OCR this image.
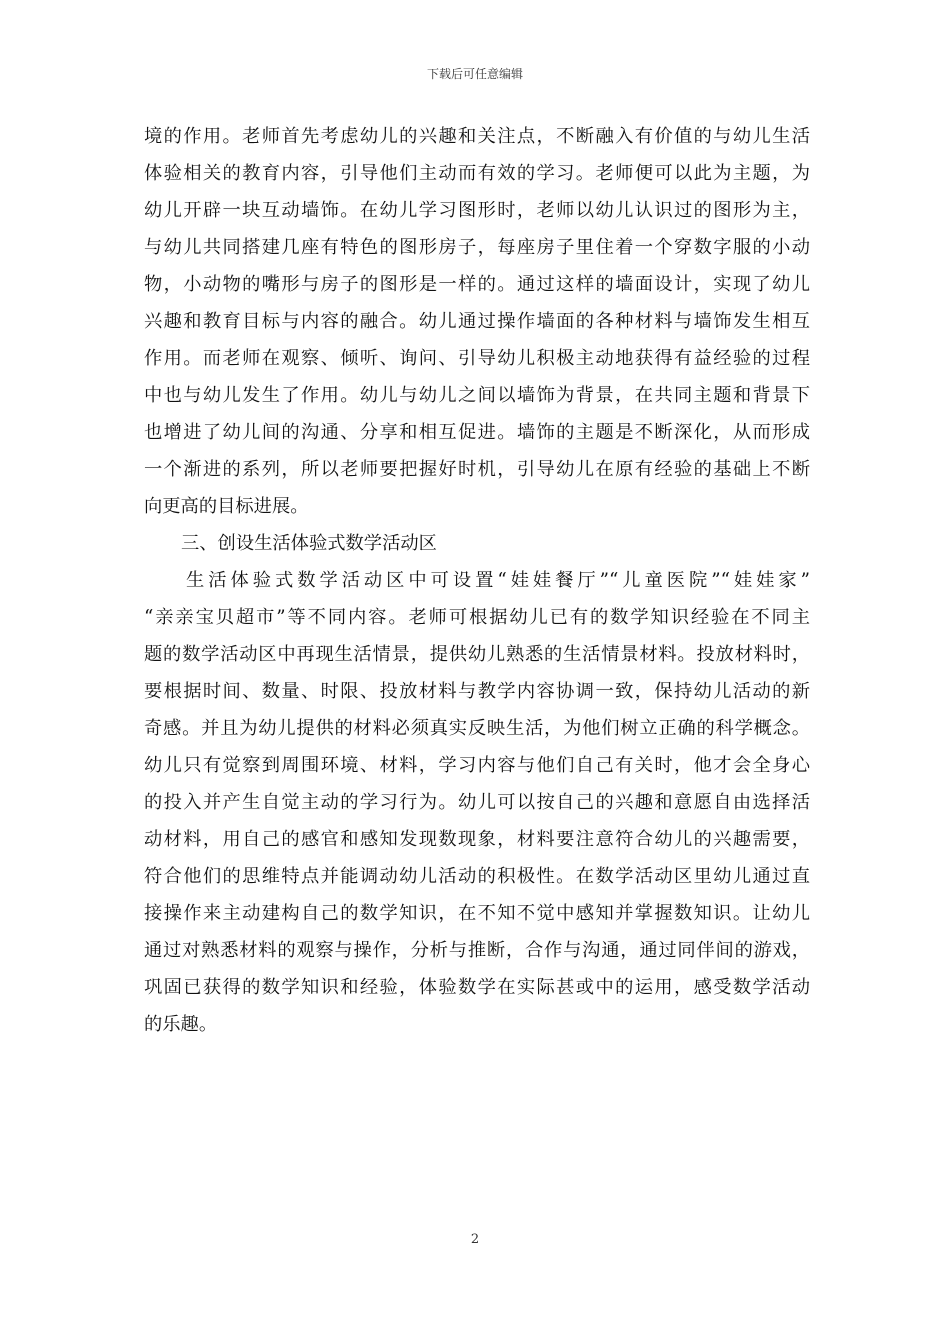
下载后可任意编辑
境的作用。老师首先考虑幼儿的兴趣和关注点，不断融入有价值的与幼儿生活
体验相关的教育内容，引导他们主动而有效的学习。老师便可以此为主题，为
幼儿开辟一块互动墙饰。在幼儿学习图形时，老师以幼儿认识过的图形为主，
与幼儿共同搭建几座有特色的图形房子，每座房子里住着一个穿数字服的小动
物，小动物的嘴形与房子的图形是一样的。通过这样的墙面设计，实现了幼儿
兴趣和教育目标与内容的融合。幼儿通过操作墙面的各种材料与墙饰发生相互
作用。而老师在观察、倾听、询问、引导幼儿积极主动地获得有益经验的过程
中也与幼儿发生了作用。幼儿与幼儿之间以墙饰为背景，在共同主题和背景下
也增进了幼儿间的沟通、分享和相互促进。墙饰的主题是不断深化，从而形成
一个渐进的系列，所以老师要把握好时机，引导幼儿在原有经验的基础上不断
向更高的目标进展。
三、创设生活体验式数学活动区
生活体验式数学活动区中可设置“娃娃餐厅”“儿童医院”“娃娃家”
“亲亲宝贝超市”等不同内容。老师可根据幼儿已有的数学知识经验在不同主
题的数学活动区中再现生活情景，提供幼儿熟悉的生活情景材料。投放材料时，
要根据时间、数量、时限、投放材料与教学内容协调一致，保持幼儿活动的新
奇感。并且为幼儿提供的材料必须真实反映生活，为他们树立正确的科学概念。
幼儿只有觉察到周围环境、材料，学习内容与他们自己有关时，他才会全身心
的投入并产生自觉主动的学习行为。幼儿可以按自己的兴趣和意愿自由选择活
动材料，用自己的感官和感知发现数现象，材料要注意符合幼儿的兴趣需要，
符合他们的思维特点并能调动幼儿活动的积极性。在数学活动区里幼儿通过直
接操作来主动建构自己的数学知识，在不知不觉中感知并掌握数知识。让幼儿
通过对熟悉材料的观察与操作，分析与推断，合作与沟通，通过同伴间的游戏，
巩固已获得的数学知识和经验，体验数学在实际甚或中的运用，感受数学活动
的乐趣。
2
